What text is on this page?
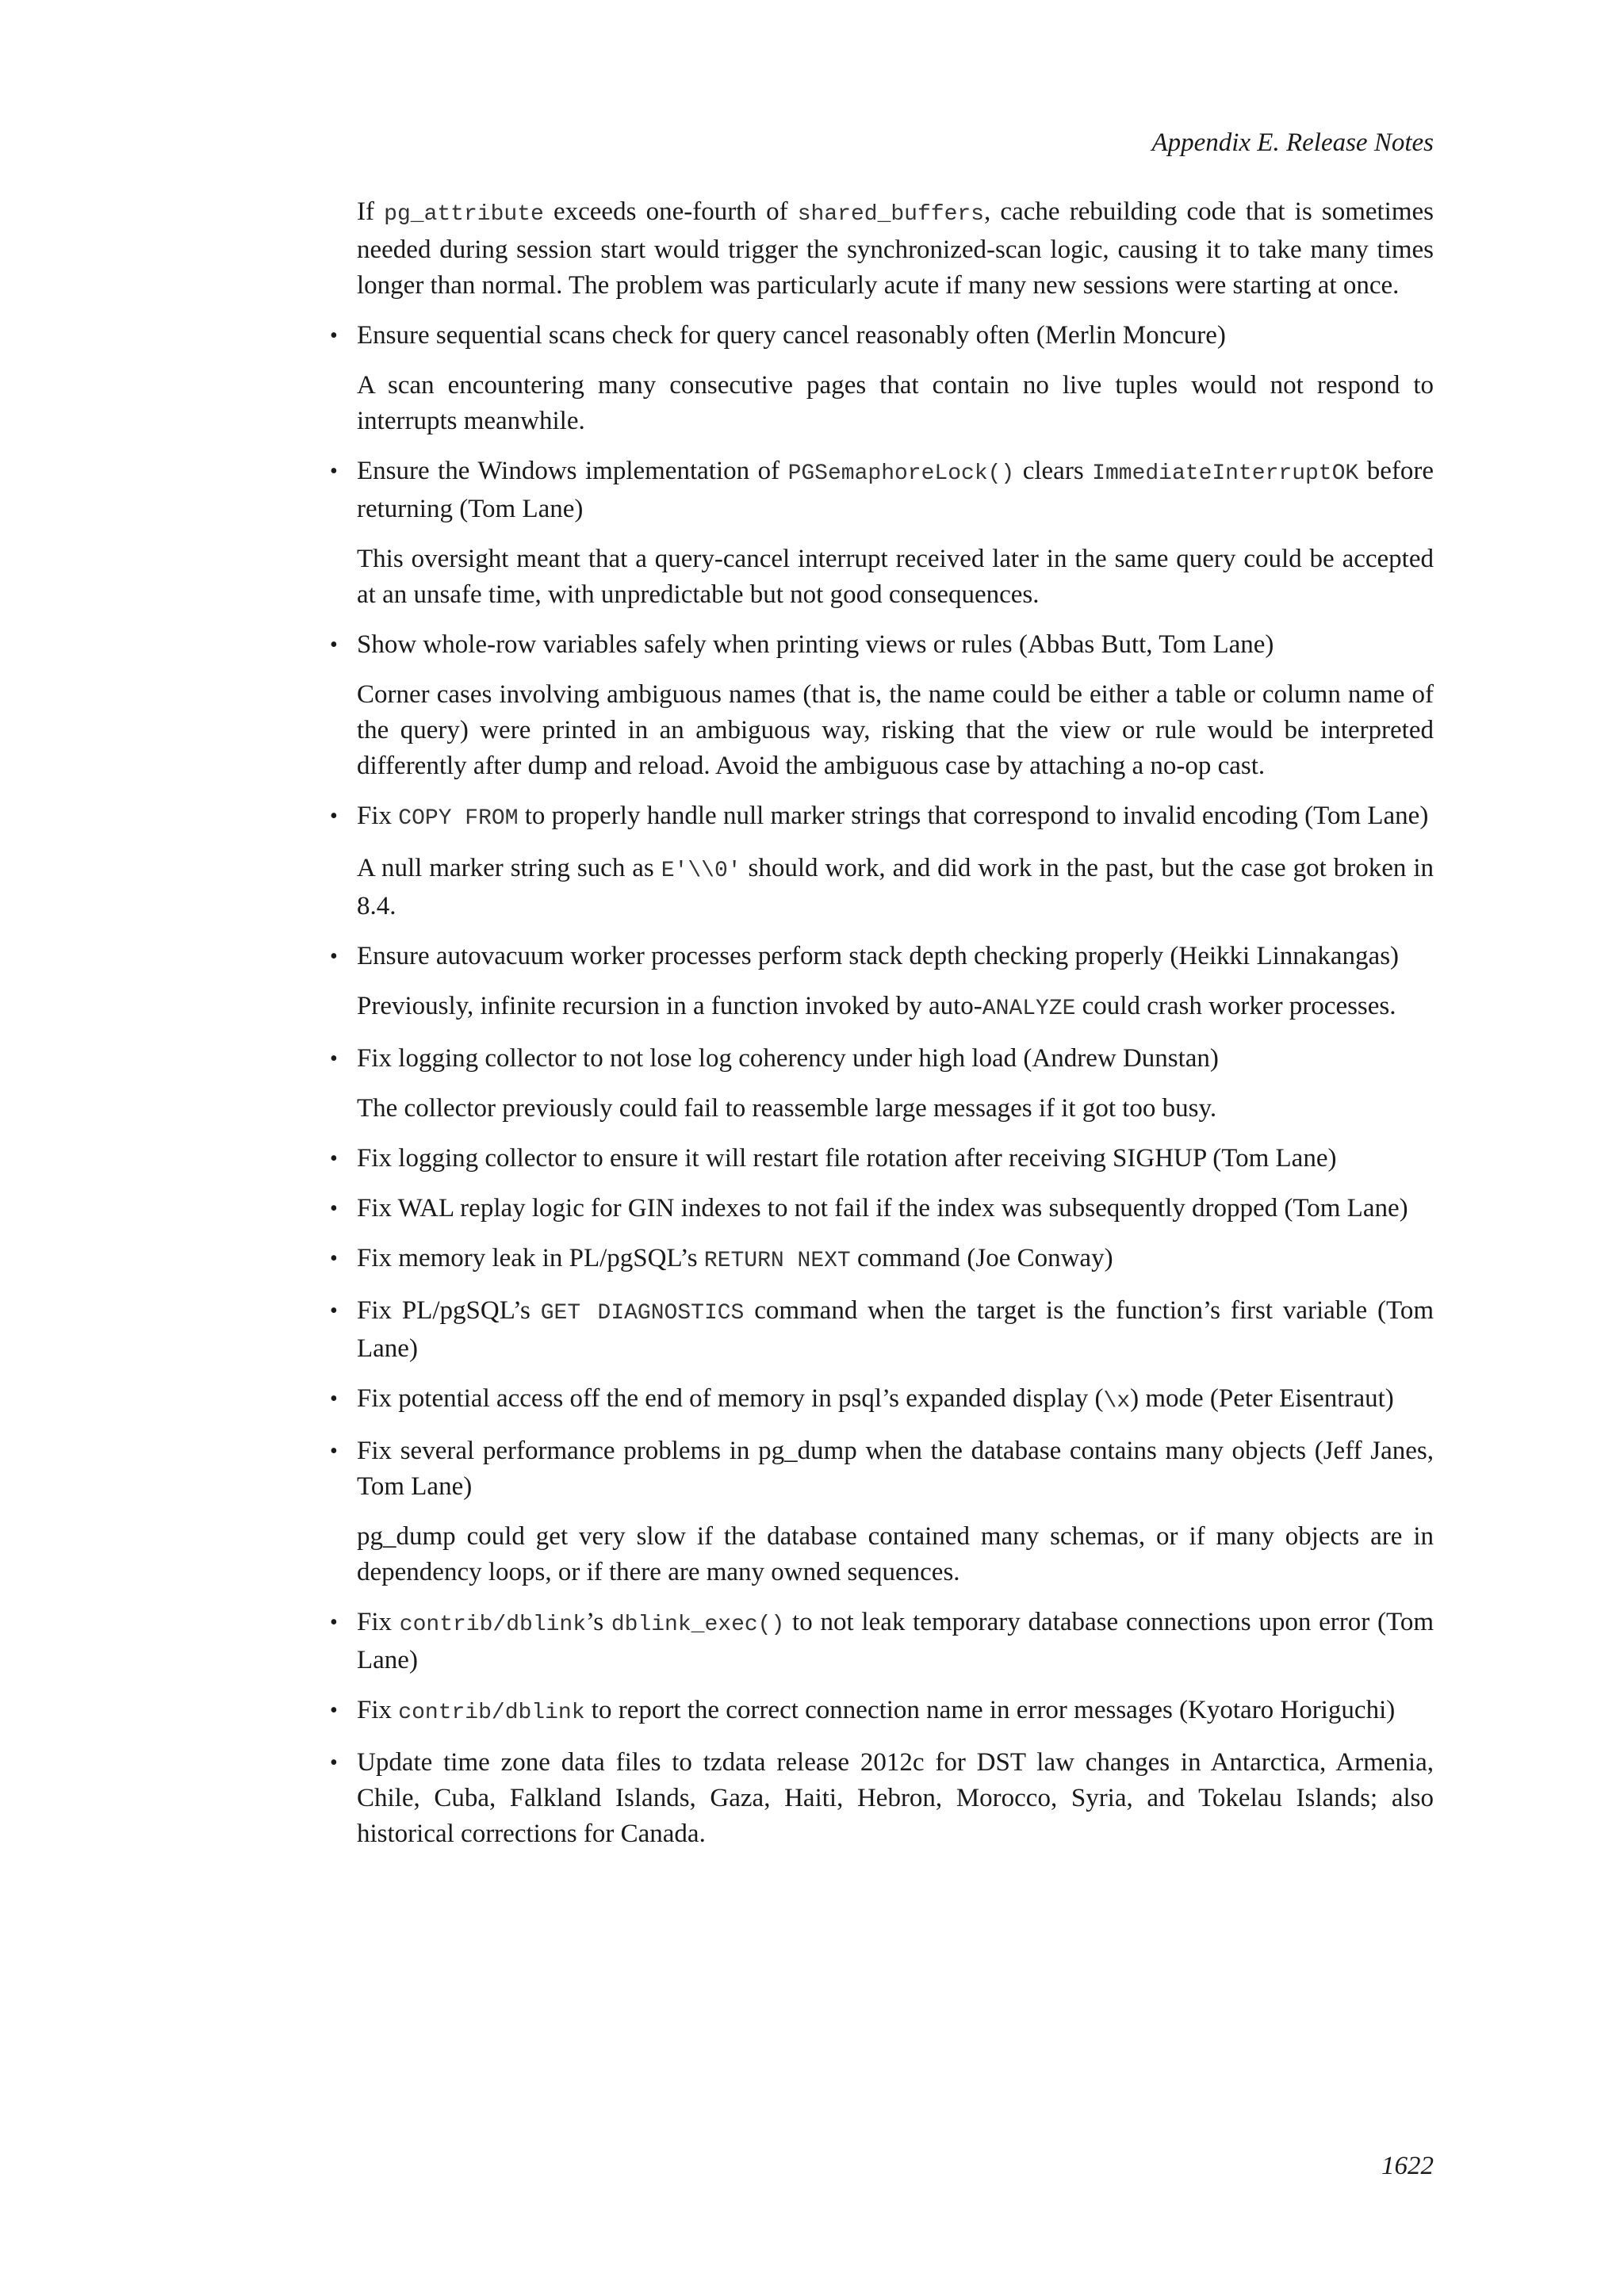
Appendix E. Release Notes

If pg_attribute exceeds one-fourth of shared_buffers, cache rebuilding code that is sometimes needed during session start would trigger the synchronized-scan logic, causing it to take many times longer than normal. The problem was particularly acute if many new sessions were starting at once.

• Ensure sequential scans check for query cancel reasonably often (Merlin Moncure)

A scan encountering many consecutive pages that contain no live tuples would not respond to interrupts meanwhile.

• Ensure the Windows implementation of PGSemaphoreLock() clears ImmediateInterruptOK before returning (Tom Lane)

This oversight meant that a query-cancel interrupt received later in the same query could be accepted at an unsafe time, with unpredictable but not good consequences.

• Show whole-row variables safely when printing views or rules (Abbas Butt, Tom Lane)

Corner cases involving ambiguous names (that is, the name could be either a table or column name of the query) were printed in an ambiguous way, risking that the view or rule would be interpreted differently after dump and reload. Avoid the ambiguous case by attaching a no-op cast.

• Fix COPY FROM to properly handle null marker strings that correspond to invalid encoding (Tom Lane)

A null marker string such as E'\\0' should work, and did work in the past, but the case got broken in 8.4.

• Ensure autovacuum worker processes perform stack depth checking properly (Heikki Linnakangas)

Previously, infinite recursion in a function invoked by auto-ANALYZE could crash worker processes.

• Fix logging collector to not lose log coherency under high load (Andrew Dunstan)

The collector previously could fail to reassemble large messages if it got too busy.

• Fix logging collector to ensure it will restart file rotation after receiving SIGHUP (Tom Lane)
• Fix WAL replay logic for GIN indexes to not fail if the index was subsequently dropped (Tom Lane)
• Fix memory leak in PL/pgSQL’s RETURN NEXT command (Joe Conway)
• Fix PL/pgSQL’s GET DIAGNOSTICS command when the target is the function’s first variable (Tom Lane)
• Fix potential access off the end of memory in psql’s expanded display (\x) mode (Peter Eisentraut)
• Fix several performance problems in pg_dump when the database contains many objects (Jeff Janes, Tom Lane)

pg_dump could get very slow if the database contained many schemas, or if many objects are in dependency loops, or if there are many owned sequences.

• Fix contrib/dblink’s dblink_exec() to not leak temporary database connections upon error (Tom Lane)
• Fix contrib/dblink to report the correct connection name in error messages (Kyotaro Horiguchi)
• Update time zone data files to tzdata release 2012c for DST law changes in Antarctica, Armenia, Chile, Cuba, Falkland Islands, Gaza, Haiti, Hebron, Morocco, Syria, and Tokelau Islands; also historical corrections for Canada.
1622
